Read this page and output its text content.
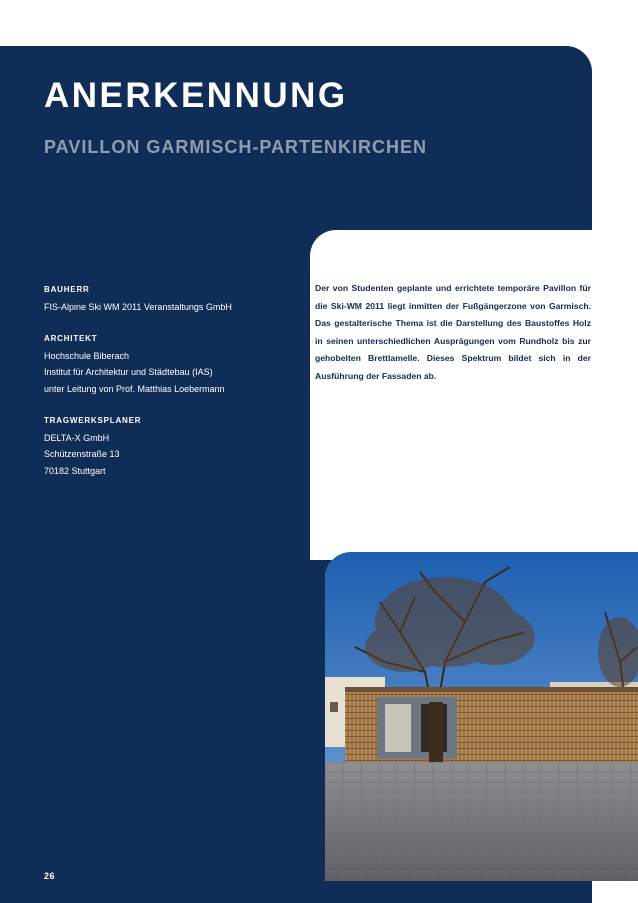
ANERKENNUNG
PAVILLON GARMISCH-PARTENKIRCHEN
BAUHERR
FIS-Alpine Ski WM 2011 Veranstaltungs GmbH
ARCHITEKT
Hochschule Biberach
Institut für Architektur und Städtebau (IAS)
unter Leitung von Prof. Matthias Loebermann
TRAGWERKSPLANER
DELTA-X GmbH
Schützenstraße 13
70182 Stuttgart

Der von Studenten geplante und errichtete temporäre Pavillon für die Ski-WM 2011 liegt inmitten der Fußgängerzone von Garmisch. Das gestalterische Thema ist die Darstellung des Baustoffes Holz in seinen unterschiedlichen Ausprägungen vom Rundholz bis zur gehobelten Brettlamelle. Dieses Spektrum bildet sich in der Ausführung der Fassaden ab.

26
